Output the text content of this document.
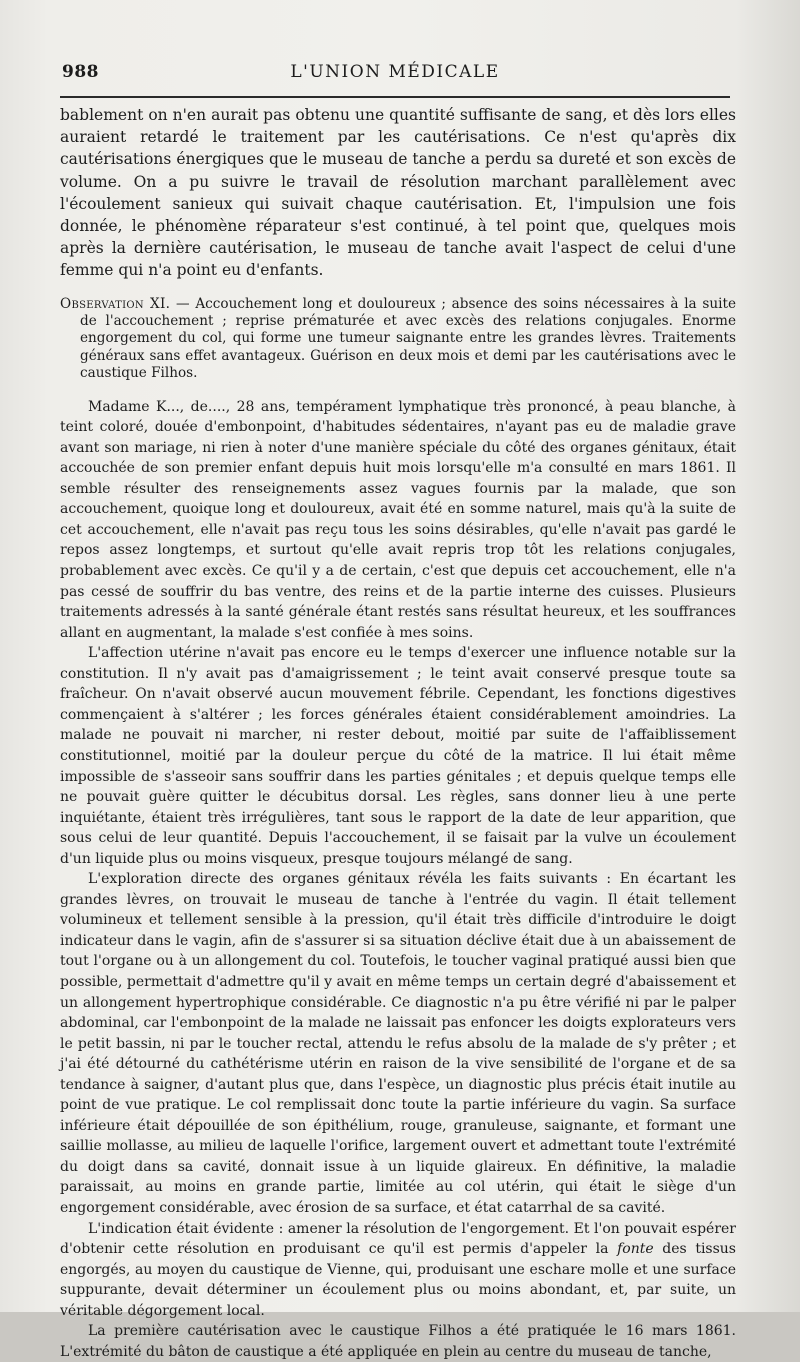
988	L'UNION MÉDICALE

bablement on n'en aurait pas obtenu une quantité suffisante de sang, et dès lors elles auraient retardé le traitement par les cautérisations. Ce n'est qu'après dix cautérisations énergiques que le museau de tanche a perdu sa dureté et son excès de volume. On a pu suivre le travail de résolution marchant parallèlement avec l'écoulement sanieux qui suivait chaque cautérisation. Et, l'impulsion une fois donnée, le phénomène réparateur s'est continué, à tel point que, quelques mois après la dernière cautérisation, le museau de tanche avait l'aspect de celui d'une femme qui n'a point eu d'enfants.

Observation XI. — Accouchement long et douloureux ; absence des soins nécessaires à la suite de l'accouchement ; reprise prématurée et avec excès des relations conjugales. Enorme engorgement du col, qui forme une tumeur saignante entre les grandes lèvres. Traitements généraux sans effet avantageux. Guérison en deux mois et demi par les cautérisations avec le caustique Filhos.

Madame K..., de...., 28 ans, tempérament lymphatique très prononcé, à peau blanche, à teint coloré, douée d'embonpoint, d'habitudes sédentaires, n'ayant pas eu de maladie grave avant son mariage, ni rien à noter d'une manière spéciale du côté des organes génitaux, était accouchée de son premier enfant depuis huit mois lorsqu'elle m'a consulté en mars 1861. Il semble résulter des renseignements assez vagues fournis par la malade, que son accouchement, quoique long et douloureux, avait été en somme naturel, mais qu'à la suite de cet accouchement, elle n'avait pas reçu tous les soins désirables, qu'elle n'avait pas gardé le repos assez longtemps, et surtout qu'elle avait repris trop tôt les relations conjugales, probablement avec excès. Ce qu'il y a de certain, c'est que depuis cet accouchement, elle n'a pas cessé de souffrir du bas ventre, des reins et de la partie interne des cuisses. Plusieurs traitements adressés à la santé générale étant restés sans résultat heureux, et les souffrances allant en augmentant, la malade s'est confiée à mes soins.

L'affection utérine n'avait pas encore eu le temps d'exercer une influence notable sur la constitution. Il n'y avait pas d'amaigrissement ; le teint avait conservé presque toute sa fraîcheur. On n'avait observé aucun mouvement fébrile. Cependant, les fonctions digestives commençaient à s'altérer ; les forces générales étaient considérablement amoindries. La malade ne pouvait ni marcher, ni rester debout, moitié par suite de l'affaiblissement constitutionnel, moitié par la douleur perçue du côté de la matrice. Il lui était même impossible de s'asseoir sans souffrir dans les parties génitales ; et depuis quelque temps elle ne pouvait guère quitter le décubitus dorsal. Les règles, sans donner lieu à une perte inquiétante, étaient très irrégulières, tant sous le rapport de la date de leur apparition, que sous celui de leur quantité. Depuis l'accouchement, il se faisait par la vulve un écoulement d'un liquide plus ou moins visqueux, presque toujours mélangé de sang.

L'exploration directe des organes génitaux révéla les faits suivants : En écartant les grandes lèvres, on trouvait le museau de tanche à l'entrée du vagin. Il était tellement volumineux et tellement sensible à la pression, qu'il était très difficile d'introduire le doigt indicateur dans le vagin, afin de s'assurer si sa situation déclive était due à un abaissement de tout l'organe ou à un allongement du col. Toutefois, le toucher vaginal pratiqué aussi bien que possible, permettait d'admettre qu'il y avait en même temps un certain degré d'abaissement et un allongement hypertrophique considérable. Ce diagnostic n'a pu être vérifié ni par le palper abdominal, car l'embonpoint de la malade ne laissait pas enfoncer les doigts explorateurs vers le petit bassin, ni par le toucher rectal, attendu le refus absolu de la malade de s'y prêter ; et j'ai été détourné du cathétérisme utérin en raison de la vive sensibilité de l'organe et de sa tendance à saigner, d'autant plus que, dans l'espèce, un diagnostic plus précis était inutile au point de vue pratique. Le col remplissait donc toute la partie inférieure du vagin. Sa surface inférieure était dépouillée de son épithélium, rouge, granuleuse, saignante, et formant une saillie mollasse, au milieu de laquelle l'orifice, largement ouvert et admettant toute l'extrémité du doigt dans sa cavité, donnait issue à un liquide glaireux. En définitive, la maladie paraissait, au moins en grande partie, limitée au col utérin, qui était le siège d'un engorgement considérable, avec érosion de sa surface, et état catarrhal de sa cavité.

L'indication était évidente : amener la résolution de l'engorgement. Et l'on pouvait espérer d'obtenir cette résolution en produisant ce qu'il est permis d'appeler la fonte des tissus engorgés, au moyen du caustique de Vienne, qui, produisant une eschare molle et une surface suppurante, devait déterminer un écoulement plus ou moins abondant, et, par suite, un véritable dégorgement local.

La première cautérisation avec le caustique Filhos a été pratiquée le 16 mars 1861. L'extrémité du bâton de caustique a été appliquée en plein au centre du museau de tanche,
